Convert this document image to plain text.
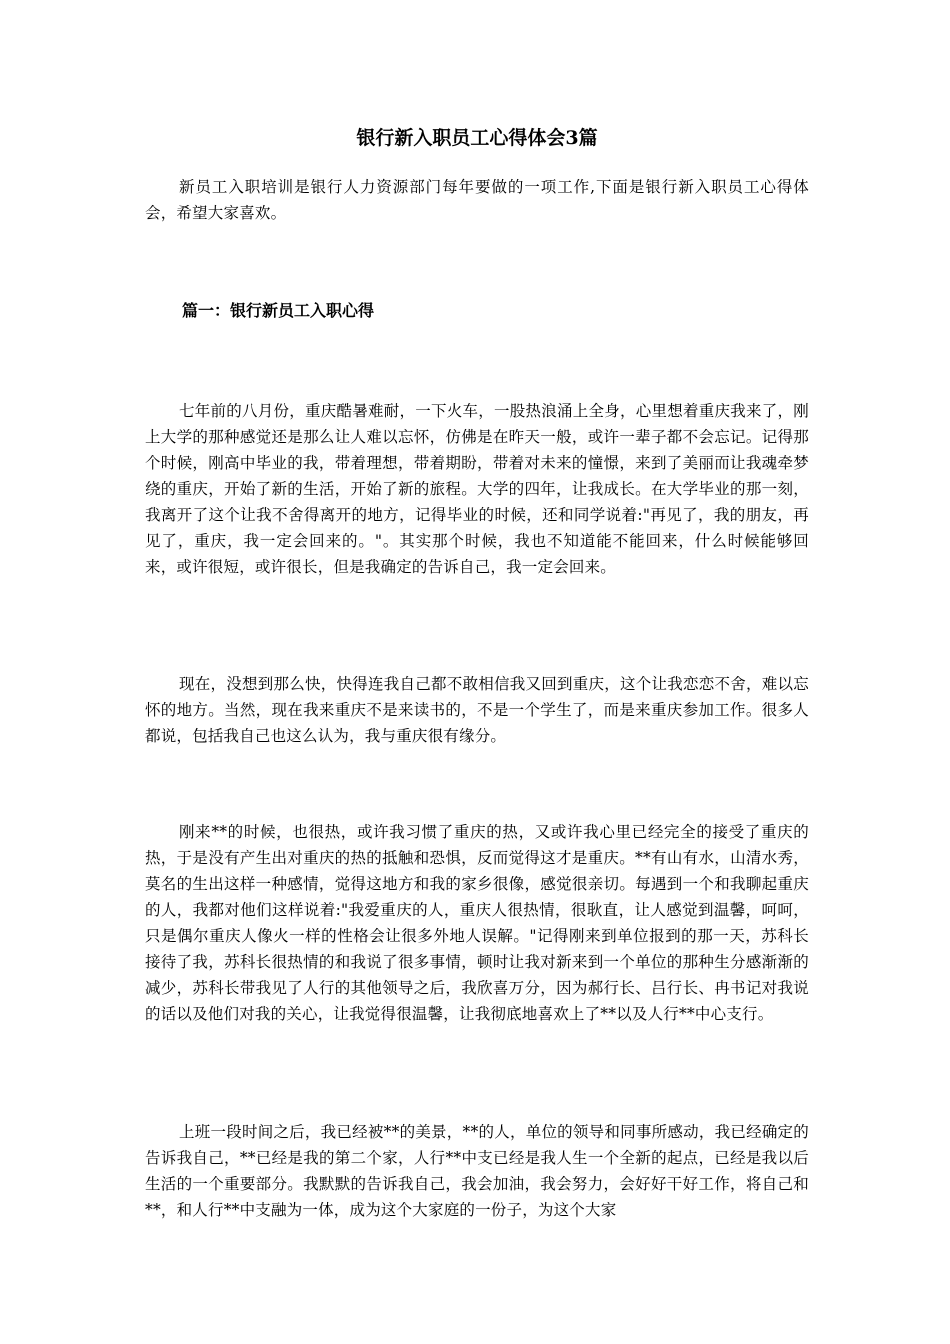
银行新入职员工心得体会3篇

新员工入职培训是银行人力资源部门每年要做的一项工作,下面是银行新入职员工心得体会，希望大家喜欢。

篇一：银行新员工入职心得

七年前的八月份，重庆酷暑难耐，一下火车，一股热浪涌上全身，心里想着重庆我来了，刚上大学的那种感觉还是那么让人难以忘怀，仿佛是在昨天一般，或许一辈子都不会忘记。记得那个时候，刚高中毕业的我，带着理想，带着期盼，带着对未来的憧憬，来到了美丽而让我魂牵梦绕的重庆，开始了新的生活，开始了新的旅程。大学的四年，让我成长。在大学毕业的那一刻，我离开了这个让我不舍得离开的地方，记得毕业的时候，还和同学说着:"再见了，我的朋友，再见了，重庆，我一定会回来的。"。其实那个时候，我也不知道能不能回来，什么时候能够回来，或许很短，或许很长，但是我确定的告诉自己，我一定会回来。

现在，没想到那么快，快得连我自己都不敢相信我又回到重庆，这个让我恋恋不舍，难以忘怀的地方。当然，现在我来重庆不是来读书的，不是一个学生了，而是来重庆参加工作。很多人都说，包括我自己也这么认为，我与重庆很有缘分。

刚来**的时候，也很热，或许我习惯了重庆的热，又或许我心里已经完全的接受了重庆的热，于是没有产生出对重庆的热的抵触和恐惧，反而觉得这才是重庆。**有山有水，山清水秀，莫名的生出这样一种感情，觉得这地方和我的家乡很像，感觉很亲切。每遇到一个和我聊起重庆的人，我都对他们这样说着:"我爱重庆的人，重庆人很热情，很耿直，让人感觉到温馨，呵呵，只是偶尔重庆人像火一样的性格会让很多外地人误解。"记得刚来到单位报到的那一天，苏科长接待了我，苏科长很热情的和我说了很多事情，顿时让我对新来到一个单位的那种生分感渐渐的减少，苏科长带我见了人行的其他领导之后，我欣喜万分，因为郝行长、吕行长、冉书记对我说的话以及他们对我的关心，让我觉得很温馨，让我彻底地喜欢上了**以及人行**中心支行。

上班一段时间之后，我已经被**的美景，**的人，单位的领导和同事所感动，我已经确定的告诉我自己，**已经是我的第二个家，人行**中支已经是我人生一个全新的起点，已经是我以后生活的一个重要部分。我默默的告诉我自己，我会加油，我会努力，会好好干好工作，将自己和**，和人行**中支融为一体，成为这个大家庭的一份子，为这个大家
